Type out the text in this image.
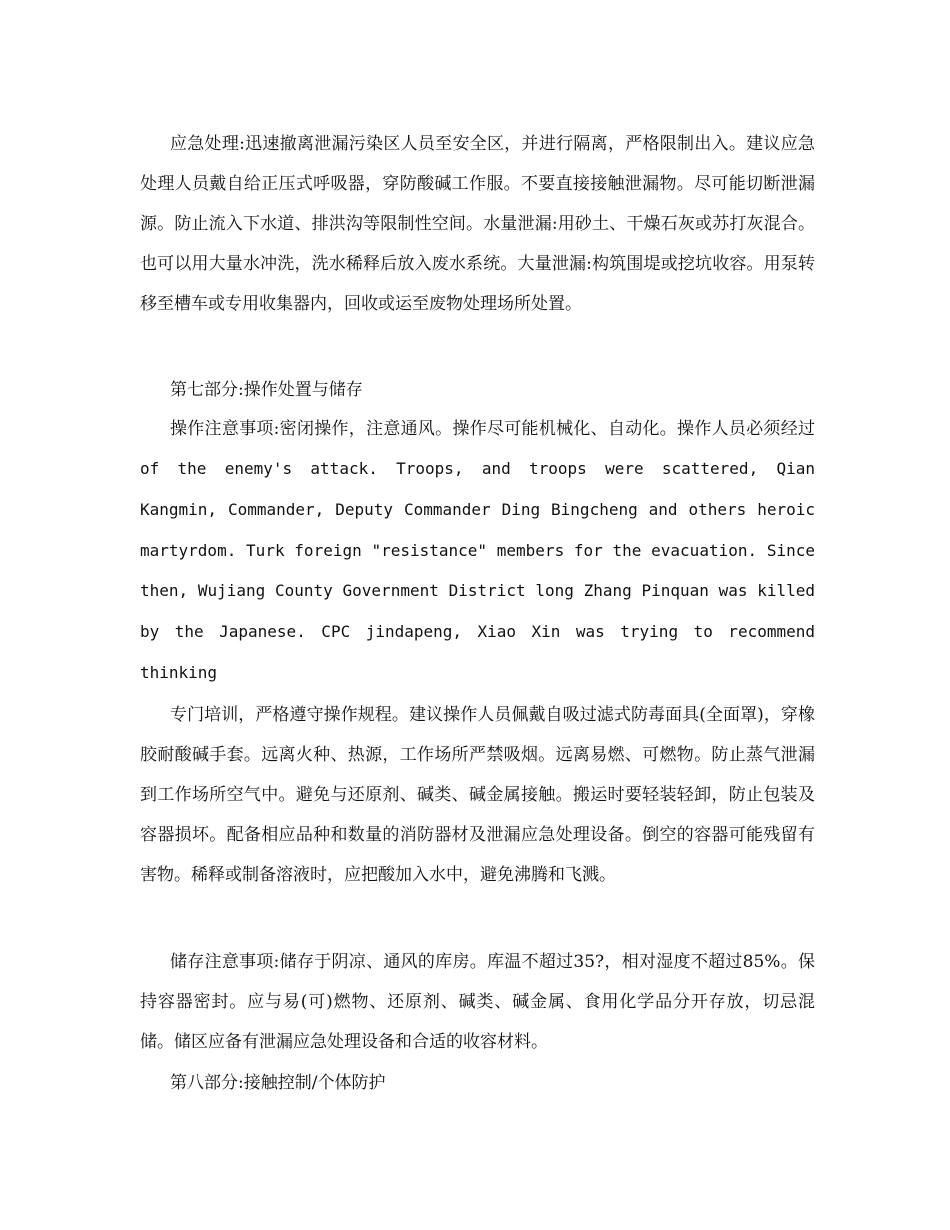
应急处理:迅速撤离泄漏污染区人员至安全区，并进行隔离，严格限制出入。建议应急处理人员戴自给正压式呼吸器，穿防酸碱工作服。不要直接接触泄漏物。尽可能切断泄漏源。防止流入下水道、排洪沟等限制性空间。水量泄漏:用砂土、干燥石灰或苏打灰混合。也可以用大量水冲洗，洗水稀释后放入废水系统。大量泄漏:构筑围堤或挖坑收容。用泵转移至槽车或专用收集器内，回收或运至废物处理场所处置。

第七部分:操作处置与储存

操作注意事项:密闭操作，注意通风。操作尽可能机械化、自动化。操作人员必须经过of the enemy's attack. Troops, and troops were scattered, Qian Kangmin, Commander, Deputy Commander Ding Bingcheng and others heroic martyrdom. Turk foreign "resistance" members for the evacuation. Since then, Wujiang County Government District long Zhang Pinquan was killed by the Japanese. CPC jindapeng, Xiao Xin was trying to recommend thinking

专门培训，严格遵守操作规程。建议操作人员佩戴自吸过滤式防毒面具(全面罩)，穿橡胶耐酸碱手套。远离火种、热源，工作场所严禁吸烟。远离易燃、可燃物。防止蒸气泄漏到工作场所空气中。避免与还原剂、碱类、碱金属接触。搬运时要轻装轻卸，防止包装及容器损坏。配备相应品种和数量的消防器材及泄漏应急处理设备。倒空的容器可能残留有害物。稀释或制备溶液时，应把酸加入水中，避免沸腾和飞溅。

储存注意事项:储存于阴凉、通风的库房。库温不超过35?，相对湿度不超过85%。保持容器密封。应与易(可)燃物、还原剂、碱类、碱金属、食用化学品分开存放，切忌混储。储区应备有泄漏应急处理设备和合适的收容材料。

第八部分:接触控制/个体防护
